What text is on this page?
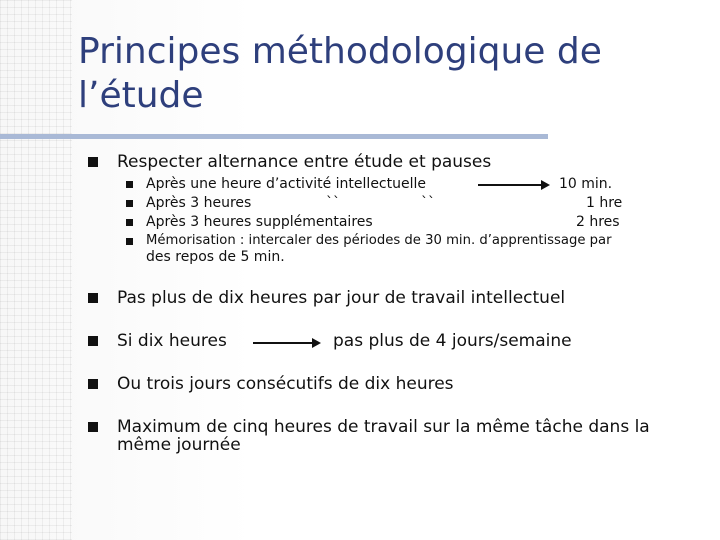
Principes méthodologique de
l’étude
Respecter alternance entre étude et pauses
Après une heure d’activité intellectuelle	10 min.
Après 3 heures	``	``	1 hre
Après 3 heures supplémentaires	2 hres
Mémorisation : intercaler des périodes de 30 min. d’apprentissage par
des repos de 5 min.
Pas plus de dix heures par jour de travail intellectuel
Si dix heures	pas plus de 4 jours/semaine
Ou trois jours consécutifs de dix heures
Maximum de cinq heures de travail sur la même tâche dans la
même journée
